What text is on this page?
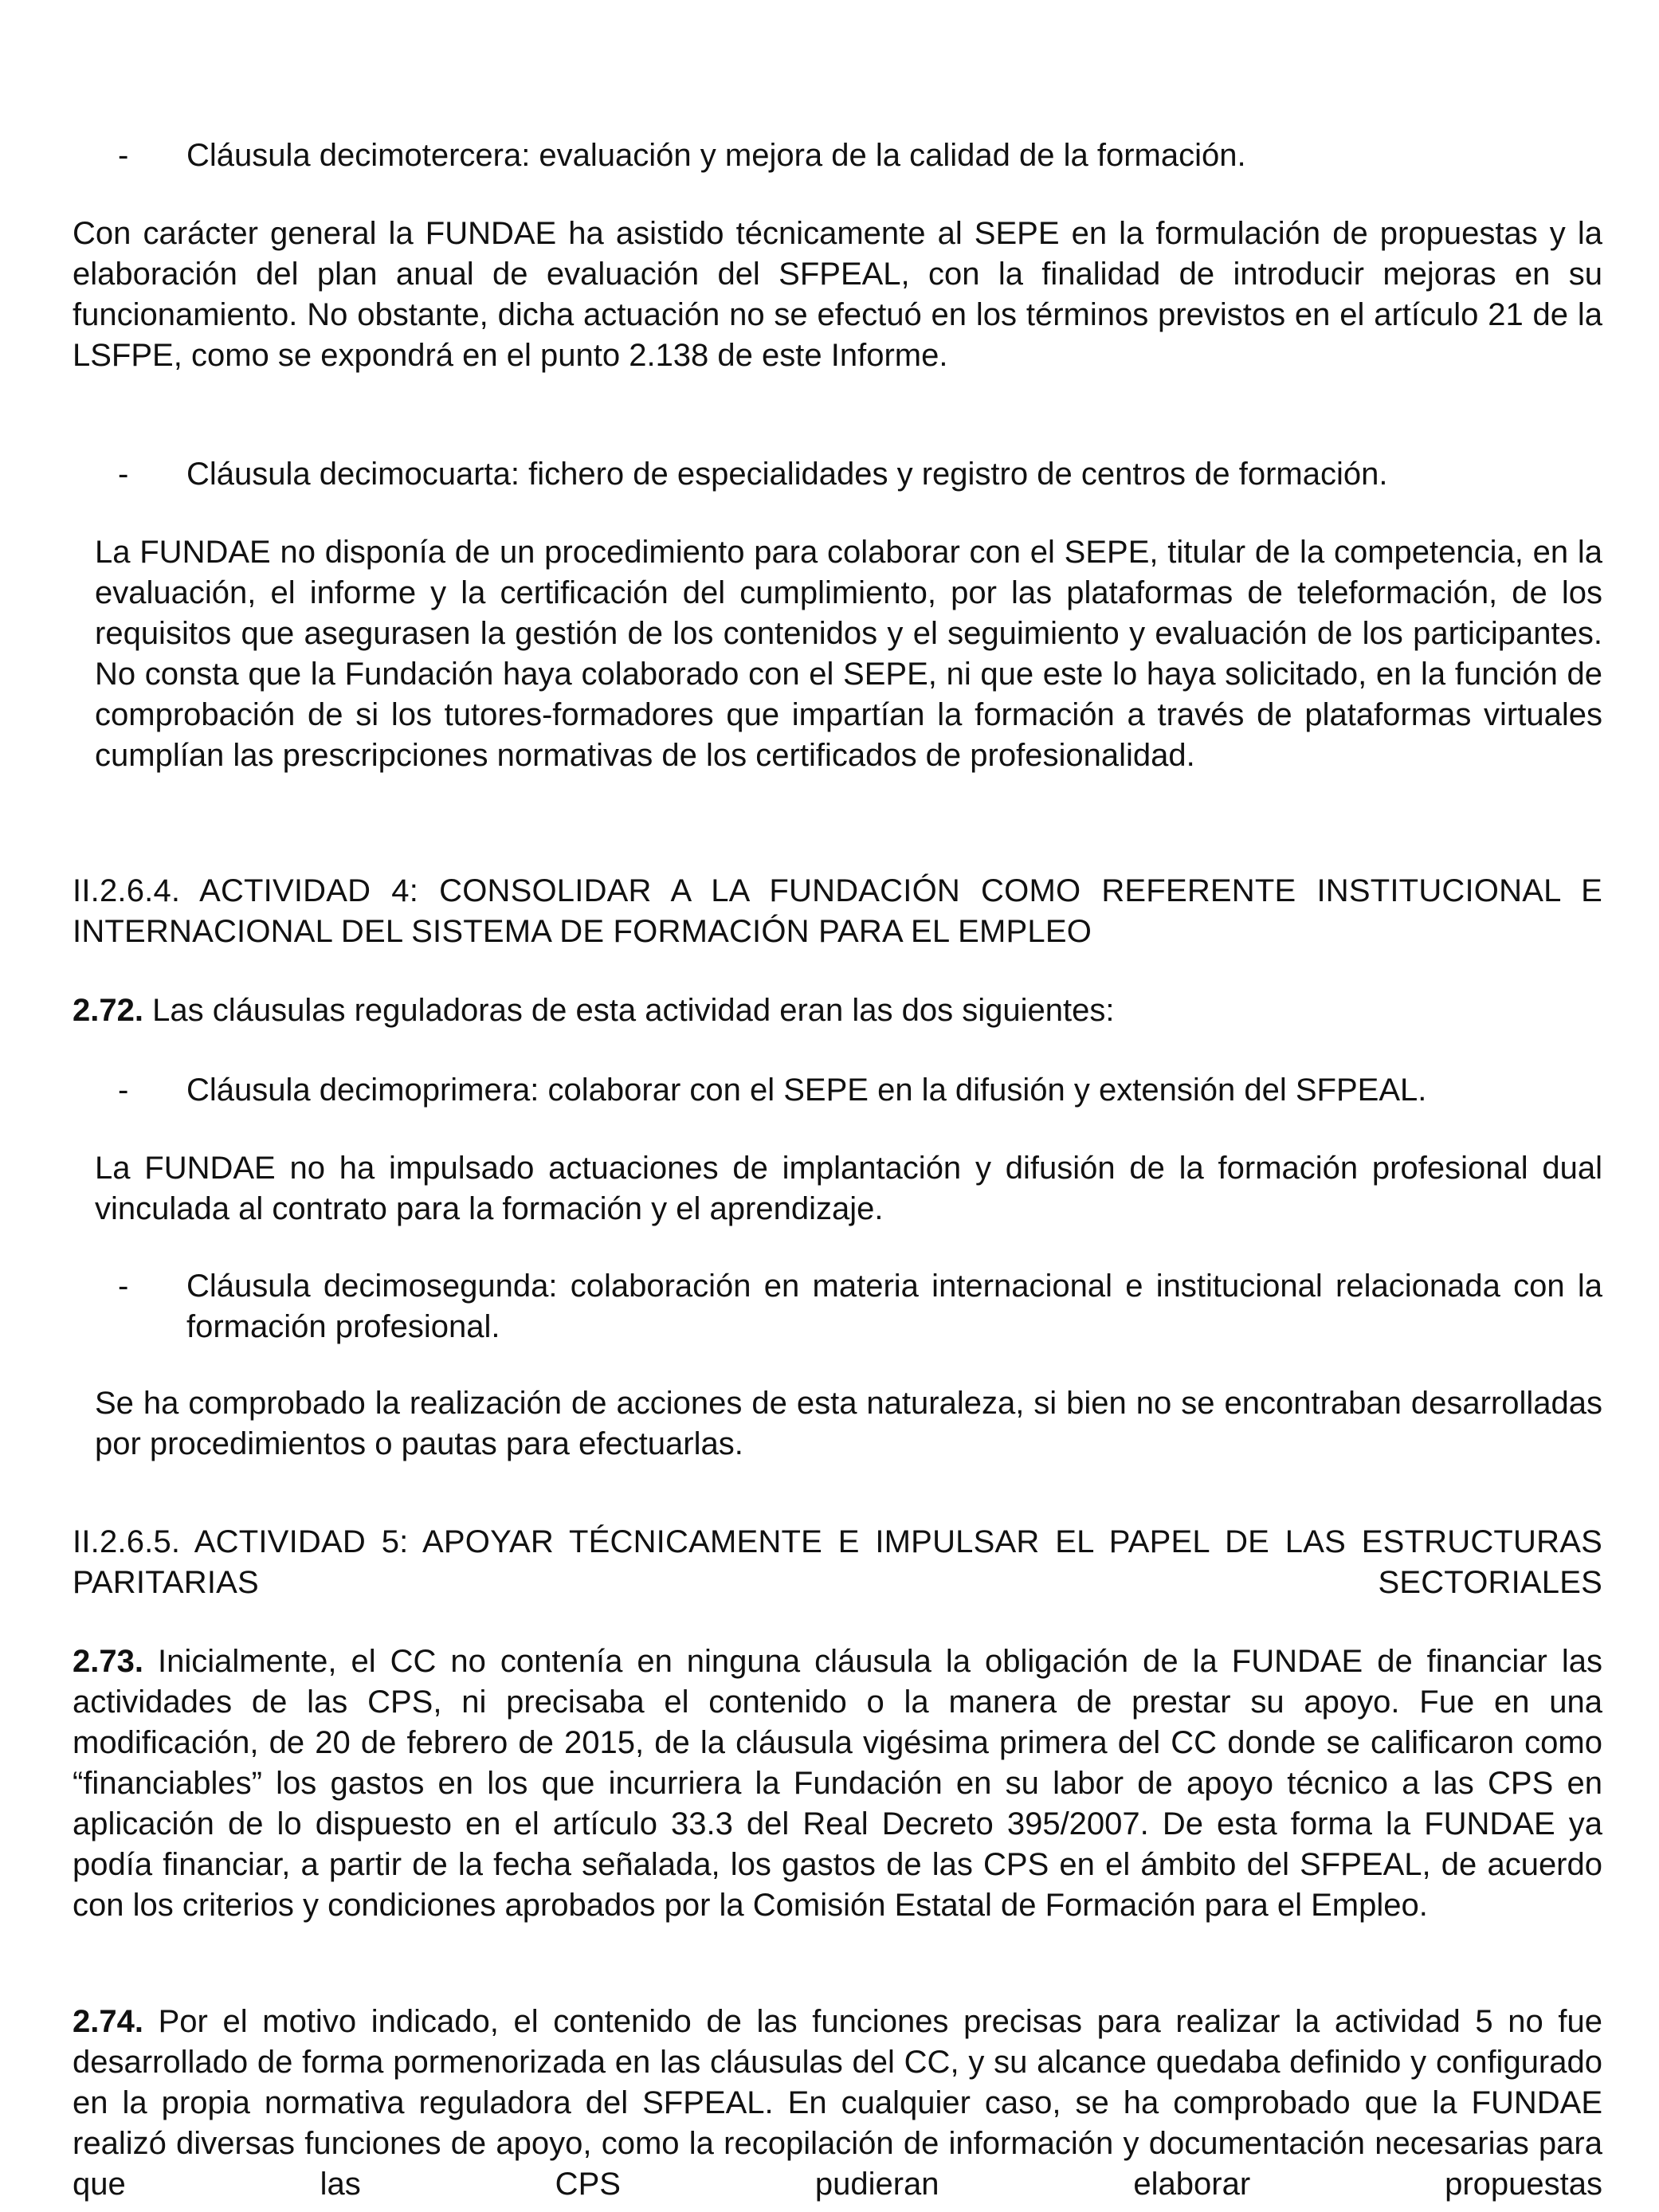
- Cláusula decimotercera: evaluación y mejora de la calidad de la formación.

Con carácter general la FUNDAE ha asistido técnicamente al SEPE en la formulación de propuestas y la elaboración del plan anual de evaluación del SFPEAL, con la finalidad de introducir mejoras en su funcionamiento. No obstante, dicha actuación no se efectuó en los términos previstos en el artículo 21 de la LSFPE, como se expondrá en el punto 2.138 de este Informe.

- Cláusula decimocuarta: fichero de especialidades y registro de centros de formación.

La FUNDAE no disponía de un procedimiento para colaborar con el SEPE, titular de la competencia, en la evaluación, el informe y la certificación del cumplimiento, por las plataformas de teleformación, de los requisitos que asegurasen la gestión de los contenidos y el seguimiento y evaluación de los participantes. No consta que la Fundación haya colaborado con el SEPE, ni que este lo haya solicitado, en la función de comprobación de si los tutores-formadores que impartían la formación a través de plataformas virtuales cumplían las prescripciones normativas de los certificados de profesionalidad.

II.2.6.4. ACTIVIDAD 4: CONSOLIDAR A LA FUNDACIÓN COMO REFERENTE INSTITUCIONAL E INTERNACIONAL DEL SISTEMA DE FORMACIÓN PARA EL EMPLEO

2.72. Las cláusulas reguladoras de esta actividad eran las dos siguientes:

- Cláusula decimoprimera: colaborar con el SEPE en la difusión y extensión del SFPEAL.

La FUNDAE no ha impulsado actuaciones de implantación y difusión de la formación profesional dual vinculada al contrato para la formación y el aprendizaje.

- Cláusula decimosegunda: colaboración en materia internacional e institucional relacionada con la formación profesional.

Se ha comprobado la realización de acciones de esta naturaleza, si bien no se encontraban desarrolladas por procedimientos o pautas para efectuarlas.

II.2.6.5. ACTIVIDAD 5: APOYAR TÉCNICAMENTE E IMPULSAR EL PAPEL DE LAS ESTRUCTURAS PARITARIAS SECTORIALES

2.73. Inicialmente, el CC no contenía en ninguna cláusula la obligación de la FUNDAE de financiar las actividades de las CPS, ni precisaba el contenido o la manera de prestar su apoyo. Fue en una modificación, de 20 de febrero de 2015, de la cláusula vigésima primera del CC donde se calificaron como “financiables” los gastos en los que incurriera la Fundación en su labor de apoyo técnico a las CPS en aplicación de lo dispuesto en el artículo 33.3 del Real Decreto 395/2007. De esta forma la FUNDAE ya podía financiar, a partir de la fecha señalada, los gastos de las CPS en el ámbito del SFPEAL, de acuerdo con los criterios y condiciones aprobados por la Comisión Estatal de Formación para el Empleo.

2.74. Por el motivo indicado, el contenido de las funciones precisas para realizar la actividad 5 no fue desarrollado de forma pormenorizada en las cláusulas del CC, y su alcance quedaba definido y configurado en la propia normativa reguladora del SFPEAL. En cualquier caso, se ha comprobado que la FUNDAE realizó diversas funciones de apoyo, como la recopilación de información y documentación necesarias para que las CPS pudieran elaborar propuestas
